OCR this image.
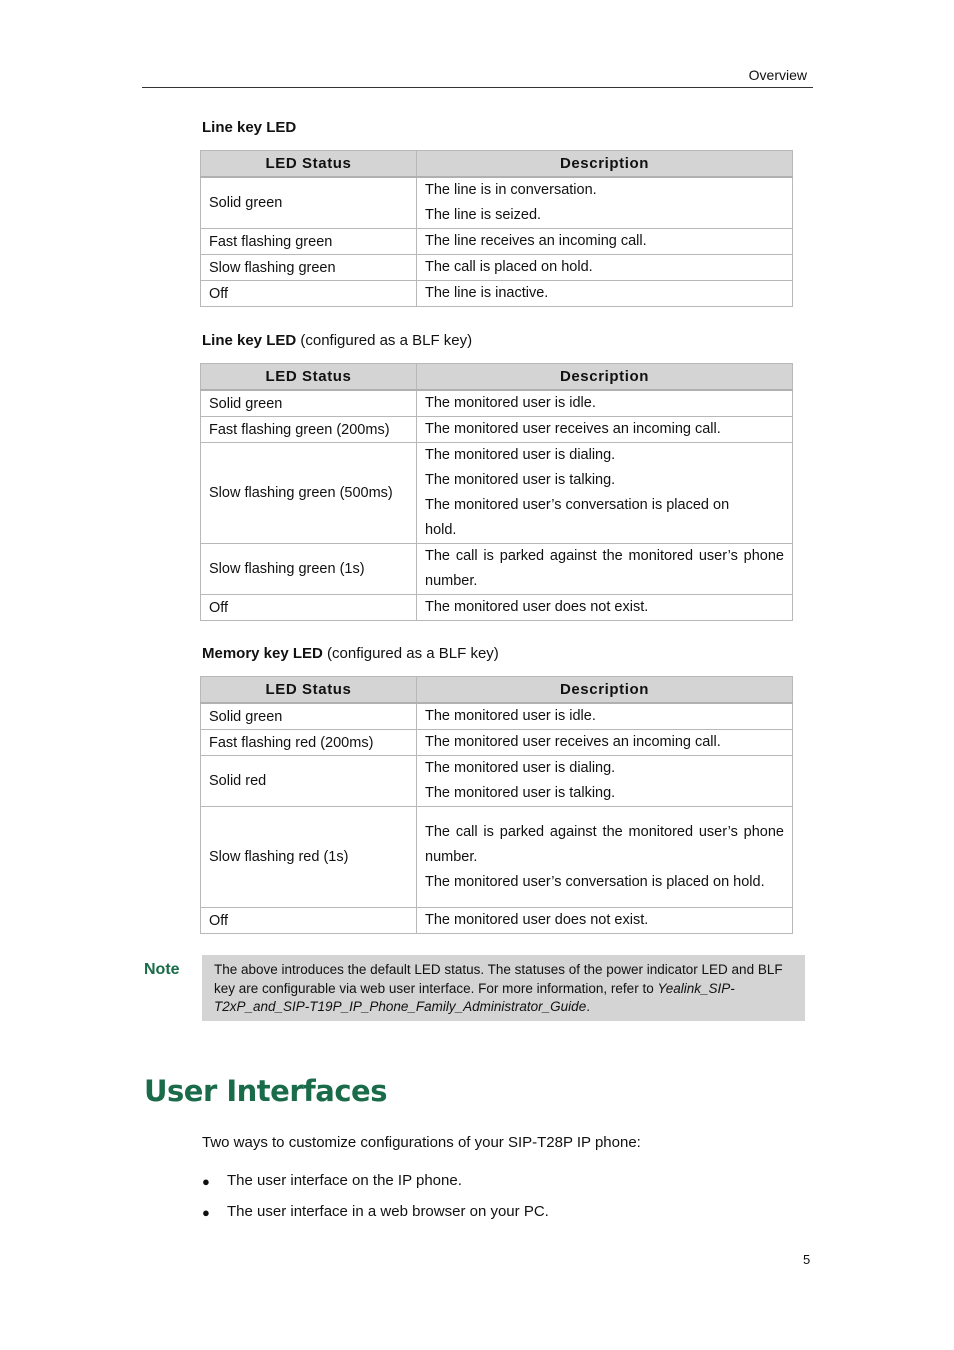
Overview
Line key LED
LED Status	Description
Solid green	The line is in conversation.
The line is seized.

Fast flashing green	The line receives an incoming call.

Slow flashing green	The call is placed on hold.

Off	The line is inactive.
Line key LED (configured as a BLF key)
LED Status	Description
Solid green	The monitored user is idle.

Fast flashing green (200ms)	The monitored user receives an incoming call.

Slow flashing green (500ms)	The monitored user is dialing.
The monitored user is talking.
The monitored user’s conversation is placed on
hold.

Slow flashing green (1s)	The call is parked against the monitored user’s phone number.

Off	The monitored user does not exist.
Memory key LED (configured as a BLF key)
LED Status	Description
Solid green	The monitored user is idle.

Fast flashing red (200ms)	The monitored user receives an incoming call.

Solid red	The monitored user is dialing.
The monitored user is talking.

Slow flashing red (1s)	The call is parked against the monitored user’s phone number.
The monitored user’s conversation is placed on hold.

Off	The monitored user does not exist.
Note	The above introduces the default LED status. The statuses of the power indicator LED and BLF key are configurable via web user interface. For more information, refer to Yealink_SIP-T2xP_and_SIP-T19P_IP_Phone_Family_Administrator_Guide.
User Interfaces
Two ways to customize configurations of your SIP-T28P IP phone:
●	The user interface on the IP phone.
●	The user interface in a web browser on your PC.
5
